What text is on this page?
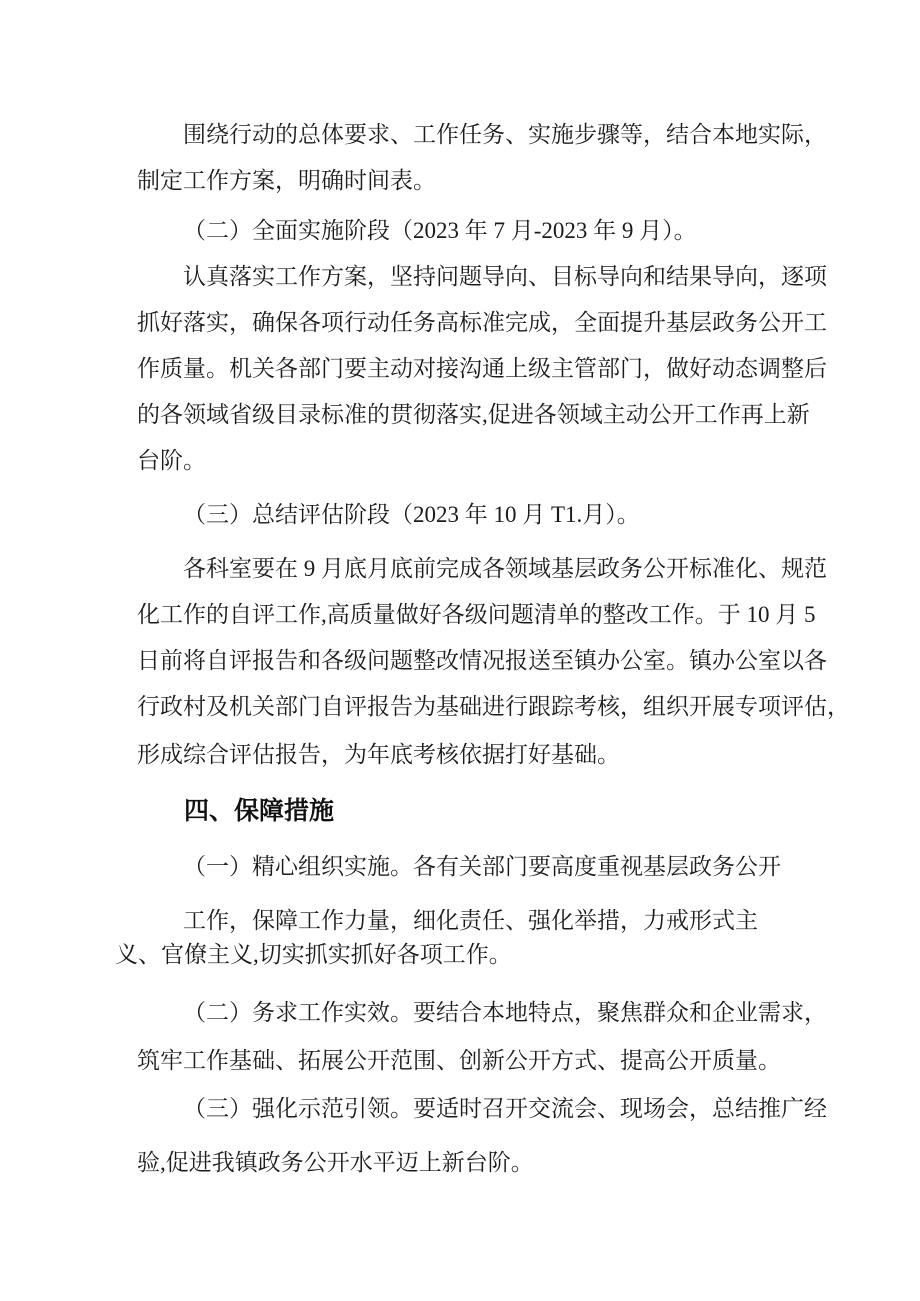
围绕行动的总体要求、工作任务、实施步骤等，结合本地实际，
制定工作方案，明确时间表。
（二）全面实施阶段（2023 年 7 月-2023 年 9 月）。
认真落实工作方案，坚持问题导向、目标导向和结果导向，逐项
抓好落实，确保各项行动任务高标准完成，全面提升基层政务公开工
作质量。机关各部门要主动对接沟通上级主管部门，做好动态调整后
的各领域省级目录标准的贯彻落实,促进各领域主动公开工作再上新
台阶。
（三）总结评估阶段（2023 年 10 月 T1.月）。
各科室要在 9 月底月底前完成各领域基层政务公开标准化、规范
化工作的自评工作,高质量做好各级问题清单的整改工作。于 10 月 5
日前将自评报告和各级问题整改情况报送至镇办公室。镇办公室以各
行政村及机关部门自评报告为基础进行跟踪考核，组织开展专项评估，
形成综合评估报告，为年底考核依据打好基础。
四、保障措施
（一）精心组织实施。各有关部门要高度重视基层政务公开
工作，保障工作力量，细化责任、强化举措，力戒形式主
义、官僚主义,切实抓实抓好各项工作。
（二）务求工作实效。要结合本地特点，聚焦群众和企业需求，
筑牢工作基础、拓展公开范围、创新公开方式、提高公开质量。
（三）强化示范引领。要适时召开交流会、现场会，总结推广经
验,促进我镇政务公开水平迈上新台阶。
